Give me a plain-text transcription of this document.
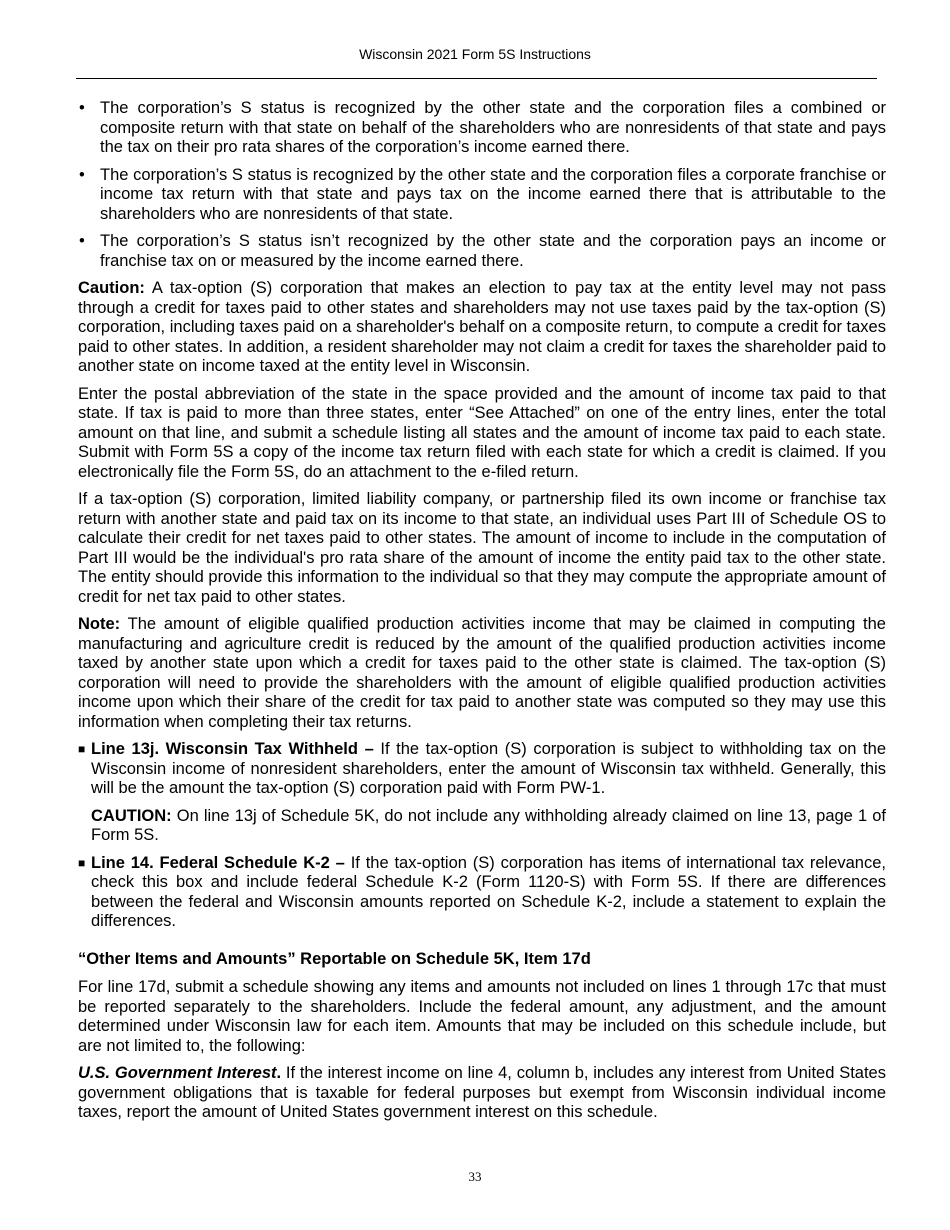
Wisconsin 2021 Form 5S Instructions
• The corporation’s S status is recognized by the other state and the corporation files a combined or composite return with that state on behalf of the shareholders who are nonresidents of that state and pays the tax on their pro rata shares of the corporation’s income earned there.
• The corporation’s S status is recognized by the other state and the corporation files a corporate franchise or income tax return with that state and pays tax on the income earned there that is attributable to the shareholders who are nonresidents of that state.
• The corporation’s S status isn’t recognized by the other state and the corporation pays an income or franchise tax on or measured by the income earned there.

Caution: A tax-option (S) corporation that makes an election to pay tax at the entity level may not pass through a credit for taxes paid to other states and shareholders may not use taxes paid by the tax-option (S) corporation, including taxes paid on a shareholder's behalf on a composite return, to compute a credit for taxes paid to other states. In addition, a resident shareholder may not claim a credit for taxes the shareholder paid to another state on income taxed at the entity level in Wisconsin.

Enter the postal abbreviation of the state in the space provided and the amount of income tax paid to that state. If tax is paid to more than three states, enter “See Attached” on one of the entry lines, enter the total amount on that line, and submit a schedule listing all states and the amount of income tax paid to each state. Submit with Form 5S a copy of the income tax return filed with each state for which a credit is claimed. If you electronically file the Form 5S, do an attachment to the e-filed return.

If a tax-option (S) corporation, limited liability company, or partnership filed its own income or franchise tax return with another state and paid tax on its income to that state, an individual uses Part III of Schedule OS to calculate their credit for net taxes paid to other states. The amount of income to include in the computation of Part III would be the individual's pro rata share of the amount of income the entity paid tax to the other state. The entity should provide this information to the individual so that they may compute the appropriate amount of credit for net tax paid to other states.

Note: The amount of eligible qualified production activities income that may be claimed in computing the manufacturing and agriculture credit is reduced by the amount of the qualified production activities income taxed by another state upon which a credit for taxes paid to the other state is claimed. The tax-option (S) corporation will need to provide the shareholders with the amount of eligible qualified production activities income upon which their share of the credit for tax paid to another state was computed so they may use this information when completing their tax returns.

■ Line 13j. Wisconsin Tax Withheld – If the tax-option (S) corporation is subject to withholding tax on the Wisconsin income of nonresident shareholders, enter the amount of Wisconsin tax withheld. Generally, this will be the amount the tax-option (S) corporation paid with Form PW-1.

CAUTION: On line 13j of Schedule 5K, do not include any withholding already claimed on line 13, page 1 of Form 5S.

■ Line 14. Federal Schedule K-2 – If the tax-option (S) corporation has items of international tax relevance, check this box and include federal Schedule K-2 (Form 1120-S) with Form 5S. If there are differences between the federal and Wisconsin amounts reported on Schedule K-2, include a statement to explain the differences.

“Other Items and Amounts” Reportable on Schedule 5K, Item 17d

For line 17d, submit a schedule showing any items and amounts not included on lines 1 through 17c that must be reported separately to the shareholders. Include the federal amount, any adjustment, and the amount determined under Wisconsin law for each item. Amounts that may be included on this schedule include, but are not limited to, the following:

U.S. Government Interest. If the interest income on line 4, column b, includes any interest from United States government obligations that is taxable for federal purposes but exempt from Wisconsin individual income taxes, report the amount of United States government interest on this schedule.

33
